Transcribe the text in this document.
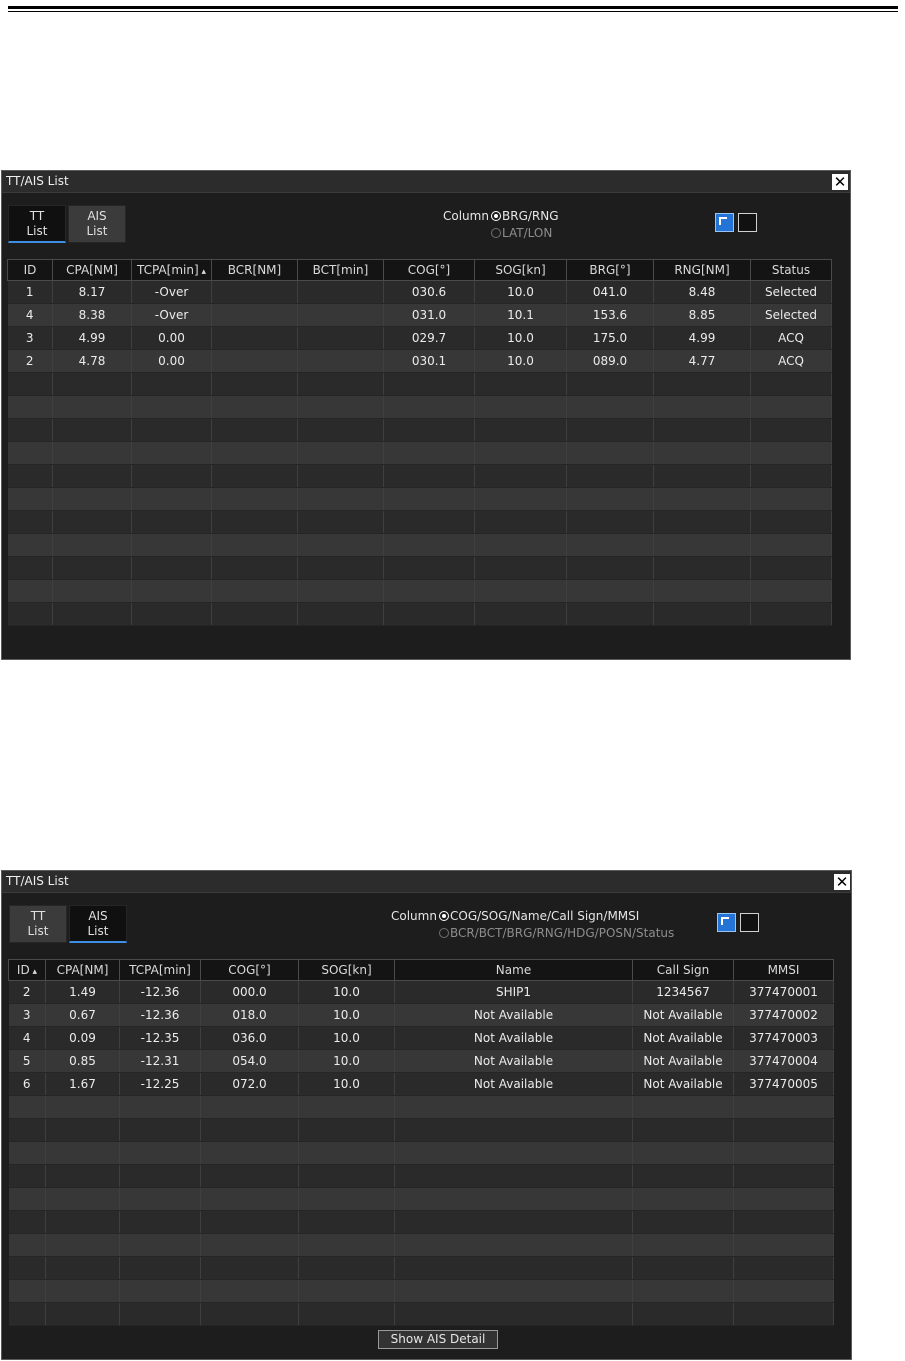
TT/AIS List	✕
TT
List
AIS
List
Column	BRG/RNG
LAT/LON
ID	CPA[NM]	TCPA[min] ▴	BCR[NM]	BCT[min]	COG[°]	SOG[kn]	BRG[°]	RNG[NM]	Status
1	8.17	-Over			030.6	10.0	041.0	8.48	Selected
4	8.38	-Over			031.0	10.1	153.6	8.85	Selected
3	4.99	0.00			029.7	10.0	175.0	4.99	ACQ
2	4.78	0.00			030.1	10.0	089.0	4.77	ACQ

TT/AIS List	✕
TT
List
AIS
List
Column	COG/SOG/Name/Call Sign/MMSI
BCR/BCT/BRG/RNG/HDG/POSN/Status
ID ▴	CPA[NM]	TCPA[min]	COG[°]	SOG[kn]	Name	Call Sign	MMSI
2	1.49	-12.36	000.0	10.0	SHIP1	1234567	377470001
3	0.67	-12.36	018.0	10.0	Not Available	Not Available	377470002
4	0.09	-12.35	036.0	10.0	Not Available	Not Available	377470003
5	0.85	-12.31	054.0	10.0	Not Available	Not Available	377470004
6	1.67	-12.25	072.0	10.0	Not Available	Not Available	377470005

Show AIS Detail
